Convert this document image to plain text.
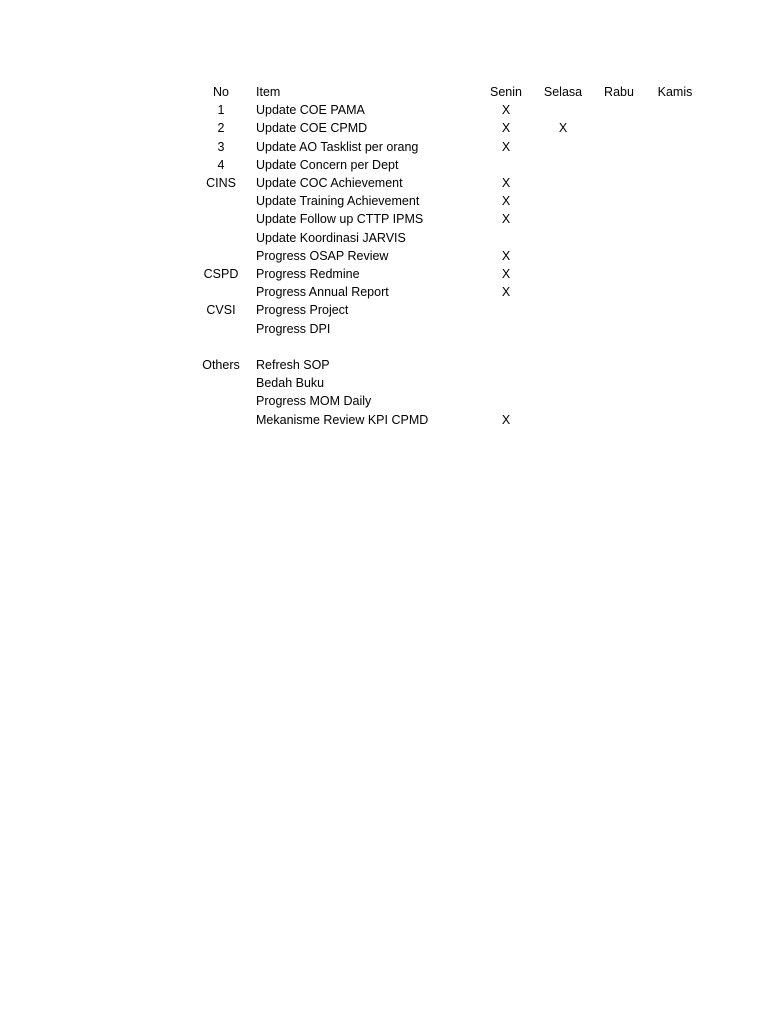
No	Item	Senin	Selasa	Rabu	Kamis
1	Update COE PAMA	X			
2	Update COE CPMD	X	X		
3	Update AO Tasklist per orang	X			
4	Update Concern per Dept				
CINS	Update COC Achievement	X			
	Update Training Achievement	X			
	Update Follow up CTTP IPMS	X			
	Update Koordinasi JARVIS				
	Progress OSAP Review	X			
CSPD	Progress Redmine	X			
	Progress Annual Report	X			
CVSI	Progress Project				
	Progress DPI				

Others	Refresh SOP				
	Bedah Buku				
	Progress MOM Daily				
	Mekanisme Review KPI CPMD	X			
